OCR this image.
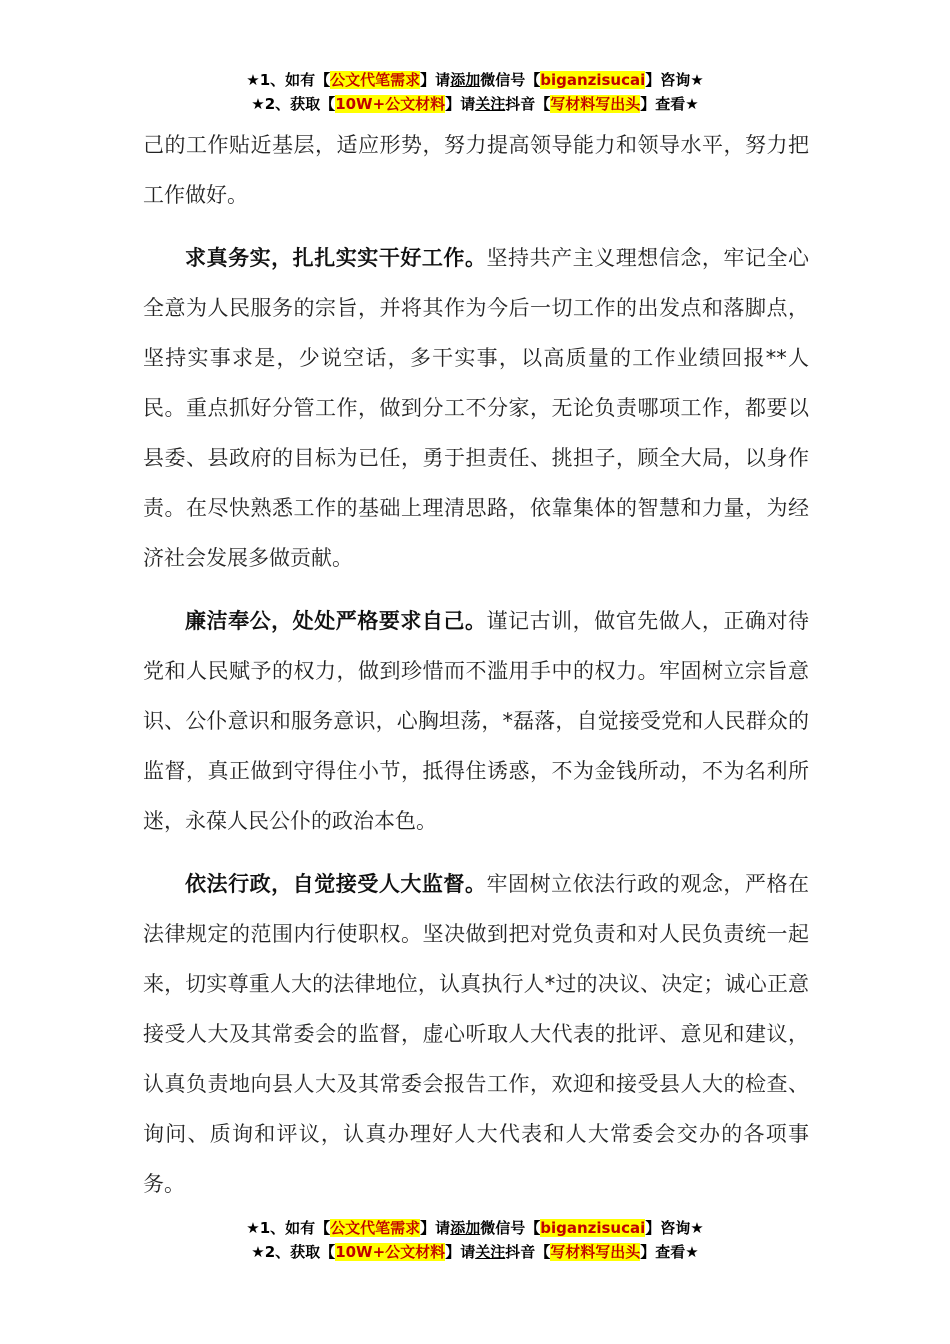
★1、如有【公文代笔需求】请添加微信号【biganzisucai】咨询★
★2、获取【10W+公文材料】请关注抖音【写材料写出头】查看★

己的工作贴近基层，适应形势，努力提高领导能力和领导水平，努力把工作做好。

求真务实，扎扎实实干好工作。坚持共产主义理想信念，牢记全心全意为人民服务的宗旨，并将其作为今后一切工作的出发点和落脚点，坚持实事求是，少说空话，多干实事，以高质量的工作业绩回报**人民。重点抓好分管工作，做到分工不分家，无论负责哪项工作，都要以县委、县政府的目标为已任，勇于担责任、挑担子，顾全大局，以身作责。在尽快熟悉工作的基础上理清思路，依靠集体的智慧和力量，为经济社会发展多做贡献。

廉洁奉公，处处严格要求自己。谨记古训，做官先做人，正确对待党和人民赋予的权力，做到珍惜而不滥用手中的权力。牢固树立宗旨意识、公仆意识和服务意识，心胸坦荡，*磊落，自觉接受党和人民群众的监督，真正做到守得住小节，抵得住诱惑，不为金钱所动，不为名利所迷，永葆人民公仆的政治本色。

依法行政，自觉接受人大监督。牢固树立依法行政的观念，严格在法律规定的范围内行使职权。坚决做到把对党负责和对人民负责统一起来，切实尊重人大的法律地位，认真执行人*过的决议、决定；诚心正意接受人大及其常委会的监督，虚心听取人大代表的批评、意见和建议，认真负责地向县人大及其常委会报告工作，欢迎和接受县人大的检查、询问、质询和评议，认真办理好人大代表和人大常委会交办的各项事务。

★1、如有【公文代笔需求】请添加微信号【biganzisucai】咨询★
★2、获取【10W+公文材料】请关注抖音【写材料写出头】查看★
